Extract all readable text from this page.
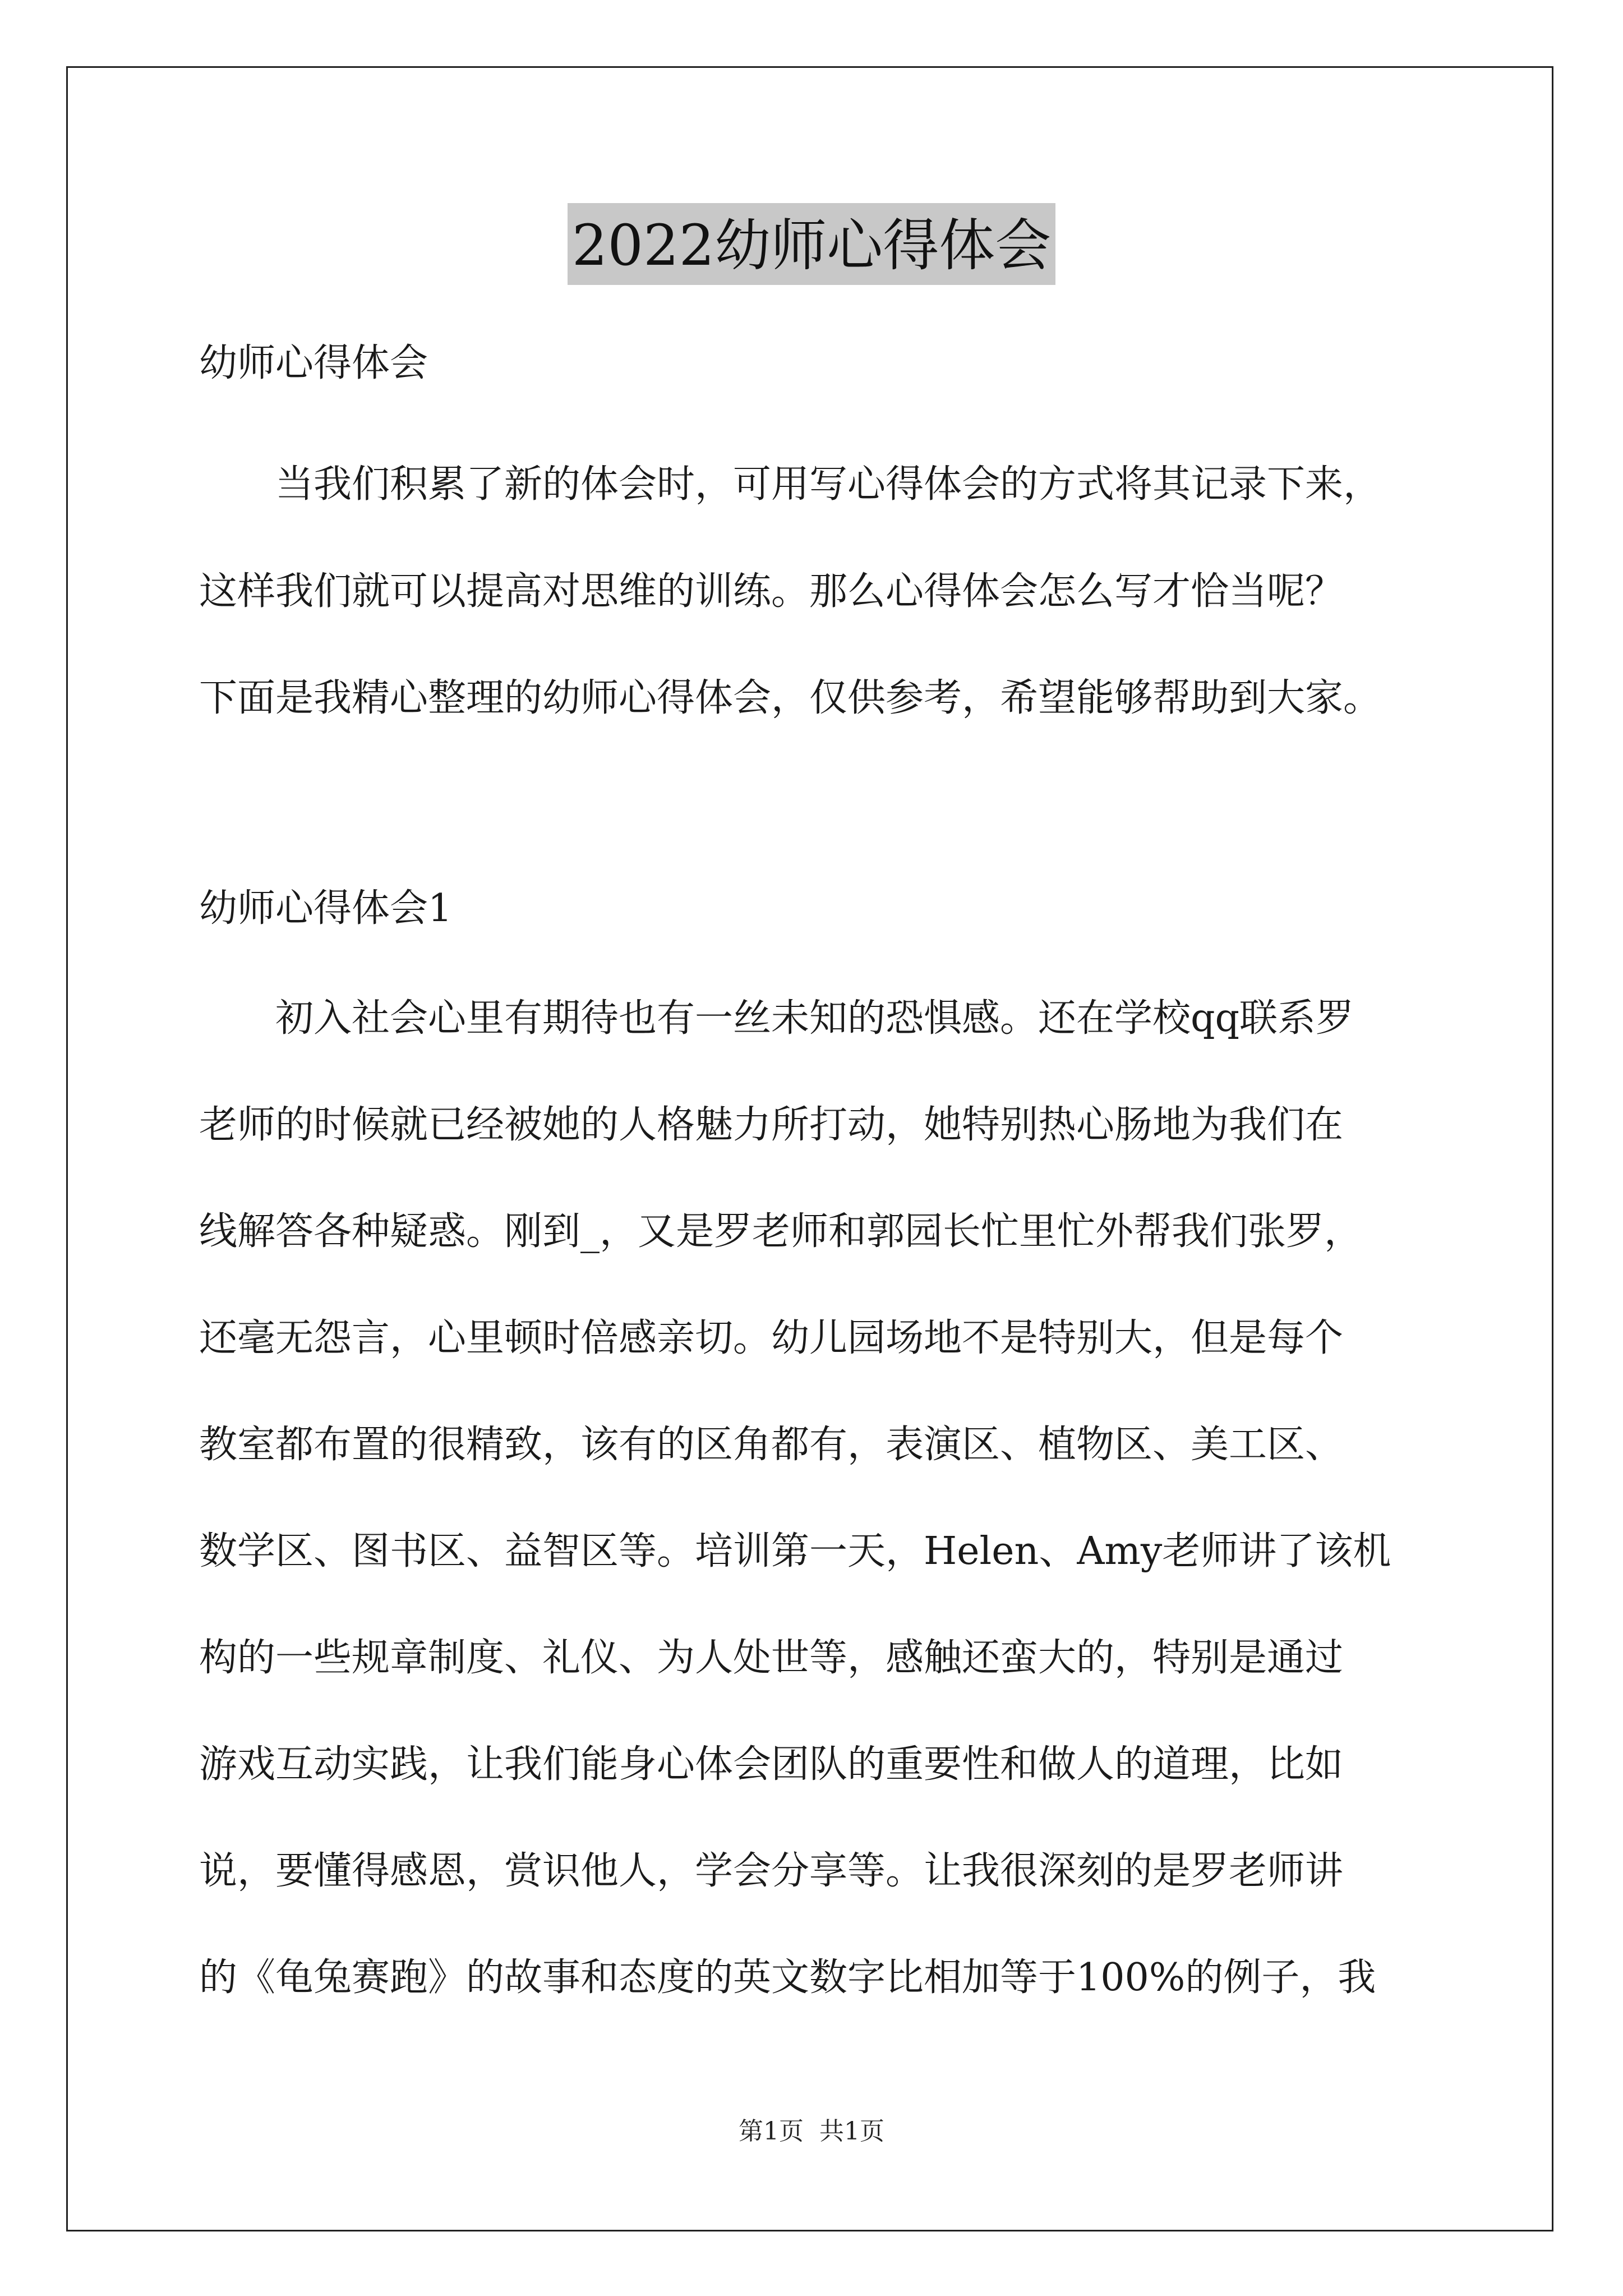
2022幼师心得体会
幼师心得体会
　　当我们积累了新的体会时，可用写心得体会的方式将其记录下来，
这样我们就可以提高对思维的训练。那么心得体会怎么写才恰当呢？
下面是我精心整理的幼师心得体会，仅供参考，希望能够帮助到大家。
幼师心得体会1
　　初入社会心里有期待也有一丝未知的恐惧感。还在学校qq联系罗
老师的时候就已经被她的人格魅力所打动，她特别热心肠地为我们在
线解答各种疑惑。刚到_，又是罗老师和郭园长忙里忙外帮我们张罗，
还毫无怨言，心里顿时倍感亲切。幼儿园场地不是特别大，但是每个
教室都布置的很精致，该有的区角都有，表演区、植物区、美工区、
数学区、图书区、益智区等。培训第一天，Helen、Amy老师讲了该机
构的一些规章制度、礼仪、为人处世等，感触还蛮大的，特别是通过
游戏互动实践，让我们能身心体会团队的重要性和做人的道理，比如
说，要懂得感恩，赏识他人，学会分享等。让我很深刻的是罗老师讲
的《龟兔赛跑》的故事和态度的英文数字比相加等于100%的例子，我
第1页 共1页
